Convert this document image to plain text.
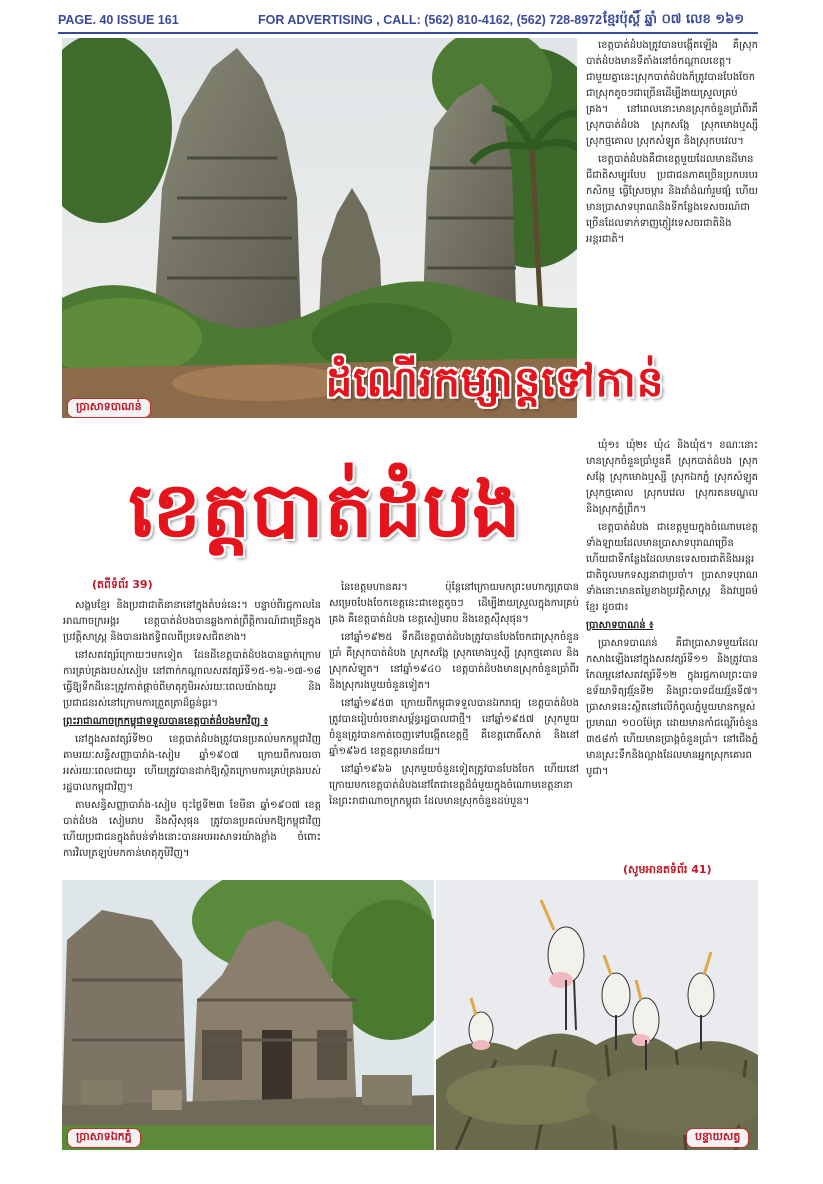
PAGE. 40 ISSUE 161	FOR ADVERTISING , CALL: (562) 810-4162, (562) 728-8972 ខ្មែរប៉ុស្តិ៍ ឆ្នាំ ០៧ លេខ ១៦១
ប្រាសាទបាណន់

ខេត្តបាត់ដំបងត្រូវបានបង្កើតឡើង គឺស្រុកបាត់ដំបងមានទីតាំងនៅចំកណ្តាលខេត្ត។ ជាមួយគ្នានេះស្រុកបាត់ដំបងក៏ត្រូវបានបែងចែកជាស្រុកតូចៗជាច្រើនដើម្បីងាយស្រួលគ្រប់គ្រង។ នៅពេលនោះមានស្រុកចំនួនប្រាំពីរគឺស្រុកបាត់ដំបង ស្រុកសង្កែ ស្រុកមោងឬស្សី ស្រុកថ្មគោល ស្រុកសំឡូត និងស្រុកបវេល។

ខេត្តបាត់ដំបងគឺជាខេត្តមួយដែលមានដីមានជីជាតិសម្បូរបែប ប្រជាជនភាគច្រើនប្រកបរបរកសិកម្ម ធ្វើស្រែចម្ការ និងដាំដំណាំរួមផ្សំ ហើយមានប្រាសាទបុរាណនិងទីកន្លែងទេសចរណ៍ជាច្រើនដែលទាក់ទាញភ្ញៀវទេសចរជាតិនិងអន្តរជាតិ។

ដំណើរកម្សាន្តទៅកាន់
ខេត្តបាត់ដំបង

ឃុំ១៖ ឃុំ២៖ ឃុំ៤ និងឃុំ៥។ ខណៈនោះមានស្រុកចំនួនប្រាំបួនគឺ ស្រុកបាត់ដំបង ស្រុកសង្កែ ស្រុកមោងឬស្សី ស្រុកឯកភ្នំ ស្រុកសំឡូត ស្រុកថ្មគោល ស្រុកបវេល ស្រុករតនមណ្ឌល និងស្រុកភ្នំព្រឹក។

ខេត្តបាត់ដំបង ជាខេត្តមួយក្នុងចំណោមខេត្តទាំងឡាយដែលមានប្រាសាទបុរាណច្រើន ហើយជាទីកន្លែងដែលមានទេសចរជាតិនិងអន្តរជាតិចូលមកទស្សនាជាប្រចាំ។ ប្រាសាទបុរាណទាំងនោះមានតម្លៃខាងប្រវត្តិសាស្ត្រ និងវប្បធម៌ខ្មែរ ដូចជា៖

ប្រាសាទបាណន់ ៖

ប្រាសាទបាណន់ គឺជាប្រាសាទមួយដែលកសាងឡើងនៅក្នុងសតវត្សរ៍ទី១១ និងត្រូវបានកែលម្អនៅសតវត្សរ៍ទី១២ ក្នុងរជ្ជកាលព្រះបាទឧទ័យាទិត្យវរ្ម័នទី២ និងព្រះបាទជ័យវរ្ម័នទី៧។ ប្រាសាទនេះស្ថិតនៅលើកំពូលភ្នំមួយមានកម្ពស់ប្រមាណ ១០០ម៉ែត្រ ដោយមានកាំជណ្តើរចំនួន ៣៥៨កាំ ហើយមានប្រាង្គចំនួនប្រាំ។ នៅជើងភ្នំមានស្រះទឹកនិងល្អាងដែលមានអ្នកស្រុកគោរពបូជា។

(សូមអានតទំព័រ 41)
(តពីទំព័រ 39)

សង្គមខ្មែរ និងប្រជាជាតិនានានៅក្នុងតំបន់នេះ។ បន្ទាប់ពីរជ្ជកាលនៃអាណាចក្រអង្គរ ខេត្តបាត់ដំបងបានឆ្លងកាត់ព្រឹត្តិការណ៍ជាច្រើនក្នុងប្រវត្តិសាស្ត្រ និងបានរងឥទ្ធិពលពីប្រទេសជិតខាង។

នៅសតវត្សរ៍ក្រោយៗមកទៀត ដែនដីខេត្តបាត់ដំបងបានធ្លាក់ក្រោមការគ្រប់គ្រងរបស់សៀម នៅពាក់កណ្តាលសតវត្សរ៍ទី១៥-១៦-១៧-១៨ ធ្វើឱ្យទឹកដីនេះត្រូវកាត់ផ្តាច់ពីមាតុភូមិអស់រយៈពេលយ៉ាងយូរ និងប្រជាជនរស់នៅក្រោមការត្រួតត្រាដ៏ធ្ងន់ធ្ងរ។

ព្រះរាជាណាចក្រកម្ពុជាទទួលបានខេត្តបាត់ដំបងមកវិញ ៖

នៅក្នុងសតវត្សរ៍ទី២០ ខេត្តបាត់ដំបងត្រូវបានប្រគល់មកកម្ពុជាវិញតាមរយៈសន្ធិសញ្ញាបារាំង-សៀម ឆ្នាំ១៩០៧ ក្រោយពីការចរចាអស់រយៈពេលជាយូរ ហើយត្រូវបានដាក់ឱ្យស្ថិតក្រោមការគ្រប់គ្រងរបស់រដ្ឋបាលកម្ពុជាវិញ។

តាមសន្ធិសញ្ញាបារាំង-សៀម ចុះថ្ងៃទី២៣ ខែមីនា ឆ្នាំ១៩០៧ ខេត្តបាត់ដំបង សៀមរាប និងស៊ីសុផុន ត្រូវបានប្រគល់មកឱ្យកម្ពុជាវិញ ហើយប្រជាជនក្នុងតំបន់ទាំងនោះបានអបអរសាទរយ៉ាងខ្លាំង ចំពោះការវិលត្រឡប់មកកាន់មាតុភូមិវិញ។

នៃខេត្តមហានគរ។ ប៉ុន្តែនៅក្រោយមកព្រះមហាក្សត្របានសម្រេចបែងចែកខេត្តនេះជាខេត្តតូចៗ ដើម្បីងាយស្រួលក្នុងការគ្រប់គ្រង គឺខេត្តបាត់ដំបង ខេត្តសៀមរាប និងខេត្តស៊ីសុផុន។

នៅឆ្នាំ១៩២៥ ទឹកដីខេត្តបាត់ដំបងត្រូវបានបែងចែកជាស្រុកចំនួនប្រាំ គឺស្រុកបាត់ដំបង ស្រុកសង្កែ ស្រុកមោងឬស្សី ស្រុកថ្មគោល និងស្រុកសំឡូត។ នៅឆ្នាំ១៩៤០ ខេត្តបាត់ដំបងមានស្រុកចំនួនប្រាំពីរ និងស្រុករងមួយចំនួនទៀត។

នៅឆ្នាំ១៩៥៣ ក្រោយពីកម្ពុជាទទួលបានឯករាជ្យ ខេត្តបាត់ដំបងត្រូវបានរៀបចំរចនាសម្ព័ន្ធរដ្ឋបាលជាថ្មី។ នៅឆ្នាំ១៩៥៧ ស្រុកមួយចំនួនត្រូវបានកាត់ចេញទៅបង្កើតខេត្តថ្មី គឺខេត្តពោធិ៍សាត់ និងនៅឆ្នាំ១៩៦៥ ខេត្តឧត្តរមានជ័យ។

នៅឆ្នាំ១៩៦៦ ស្រុកមួយចំនួនទៀតត្រូវបានបែងចែក ហើយនៅក្រោយមកខេត្តបាត់ដំបងនៅតែជាខេត្តដ៏ធំមួយក្នុងចំណោមខេត្តនានានៃព្រះរាជាណាចក្រកម្ពុជា ដែលមានស្រុកចំនួនដប់បួន។

ប្រាសាទឯកភ្នំ	បន្ទាយសត្វ
